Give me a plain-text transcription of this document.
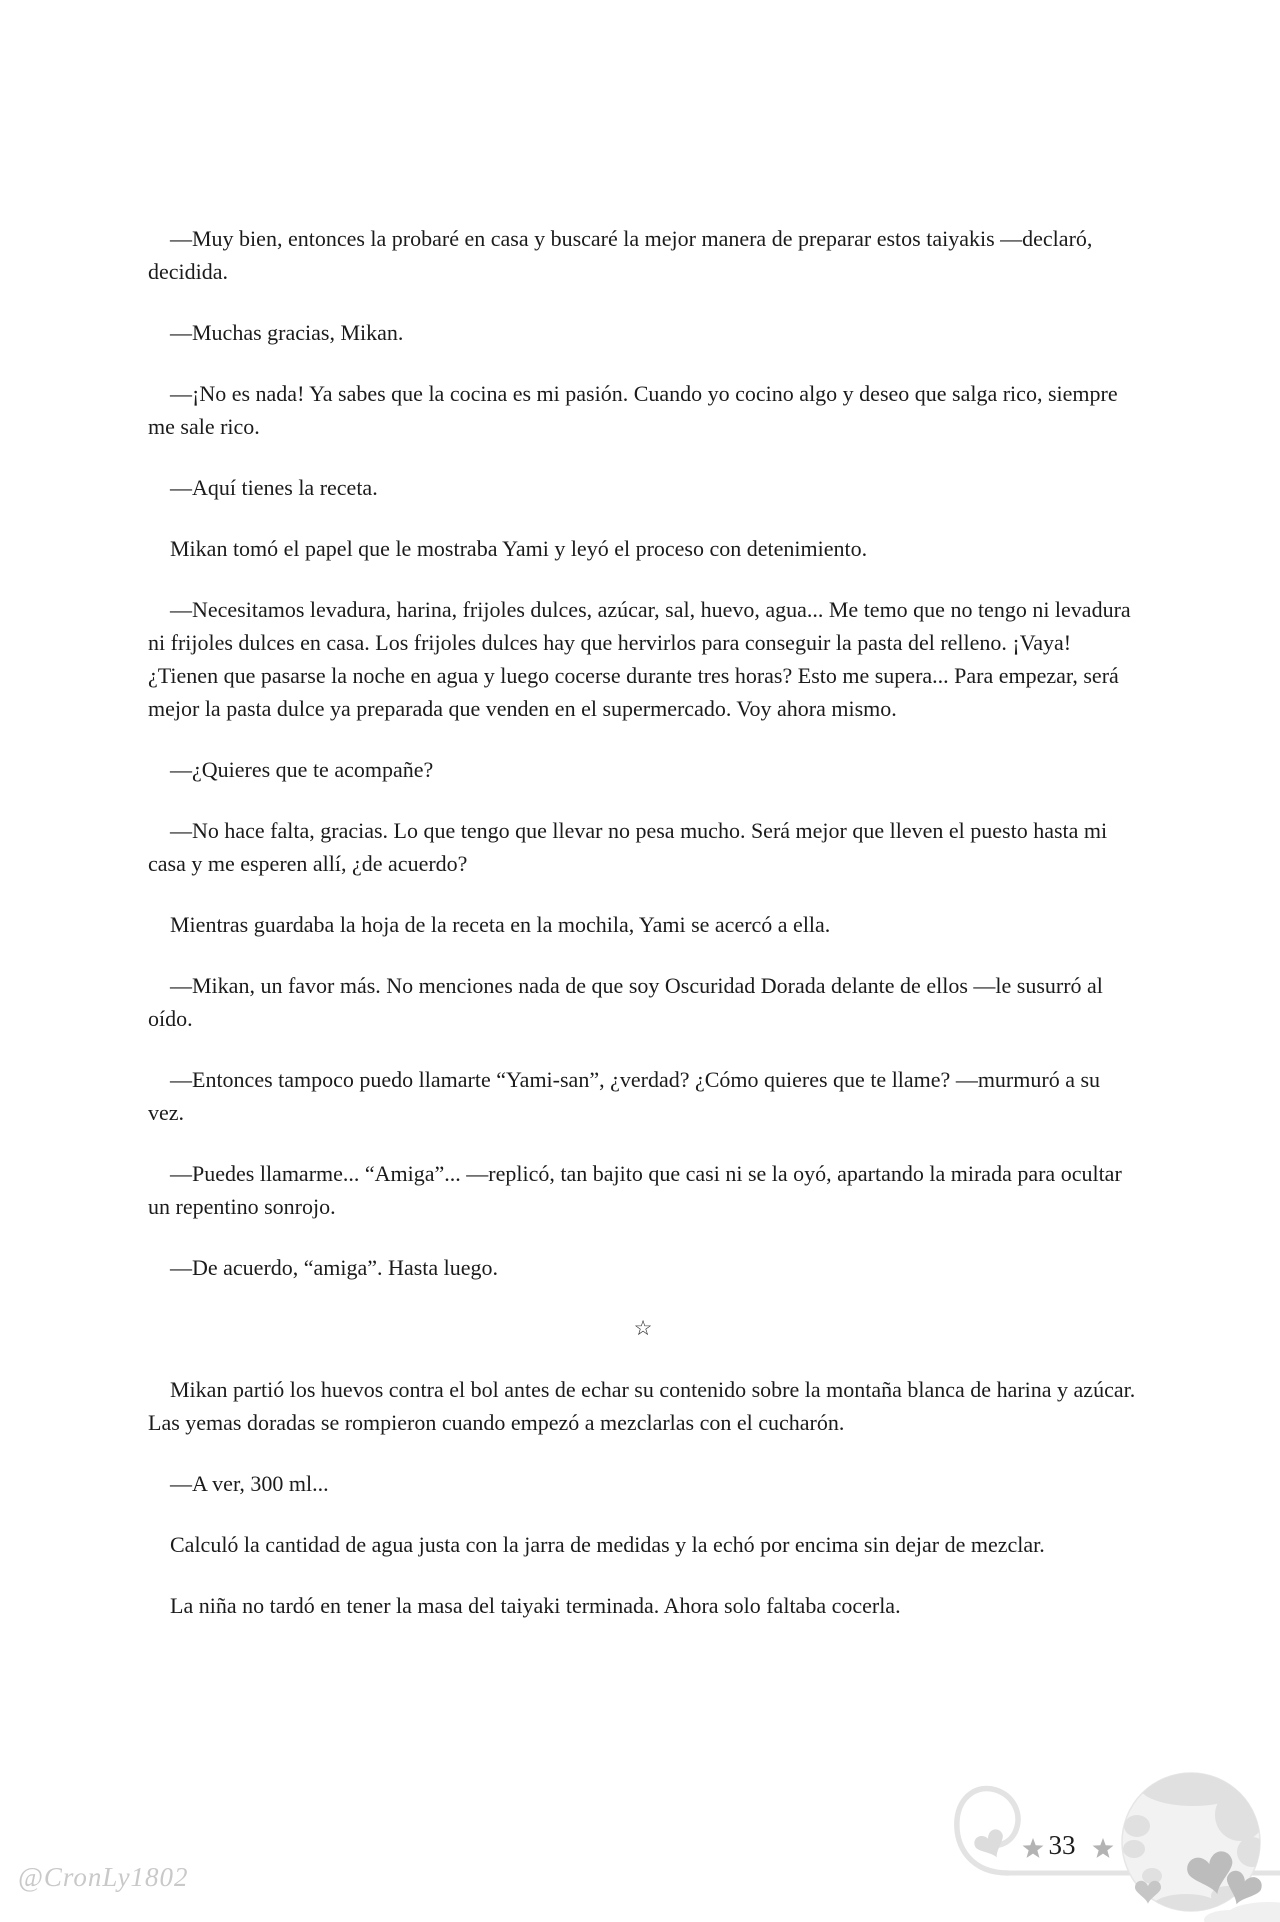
—Muy bien, entonces la probaré en casa y buscaré la mejor manera de preparar estos taiyakis —declaró, decidida.

—Muchas gracias, Mikan.

—¡No es nada! Ya sabes que la cocina es mi pasión. Cuando yo cocino algo y deseo que salga rico, siempre me sale rico.

—Aquí tienes la receta.

Mikan tomó el papel que le mostraba Yami y leyó el proceso con detenimiento.

—Necesitamos levadura, harina, frijoles dulces, azúcar, sal, huevo, agua... Me temo que no tengo ni levadura ni frijoles dulces en casa. Los frijoles dulces hay que hervirlos para conseguir la pasta del relleno. ¡Vaya! ¿Tienen que pasarse la noche en agua y luego cocerse durante tres horas? Esto me supera... Para empezar, será mejor la pasta dulce ya preparada que venden en el supermercado. Voy ahora mismo.

—¿Quieres que te acompañe?

—No hace falta, gracias. Lo que tengo que llevar no pesa mucho. Será mejor que lleven el puesto hasta mi casa y me esperen allí, ¿de acuerdo?

Mientras guardaba la hoja de la receta en la mochila, Yami se acercó a ella.

—Mikan, un favor más. No menciones nada de que soy Oscuridad Dorada delante de ellos —le susurró al oído.

—Entonces tampoco puedo llamarte “Yami-san”, ¿verdad? ¿Cómo quieres que te llame? —murmuró a su vez.

—Puedes llamarme... “Amiga”... —replicó, tan bajito que casi ni se la oyó, apartando la mirada para ocultar un repentino sonrojo.

—De acuerdo, “amiga”. Hasta luego.

☆

Mikan partió los huevos contra el bol antes de echar su contenido sobre la montaña blanca de harina y azúcar. Las yemas doradas se rompieron cuando empezó a mezclarlas con el cucharón.

—A ver, 300 ml...

Calculó la cantidad de agua justa con la jarra de medidas y la echó por encima sin dejar de mezclar.

La niña no tardó en tener la masa del taiyaki terminada. Ahora solo faltaba cocerla.

33
@CronLy1802
